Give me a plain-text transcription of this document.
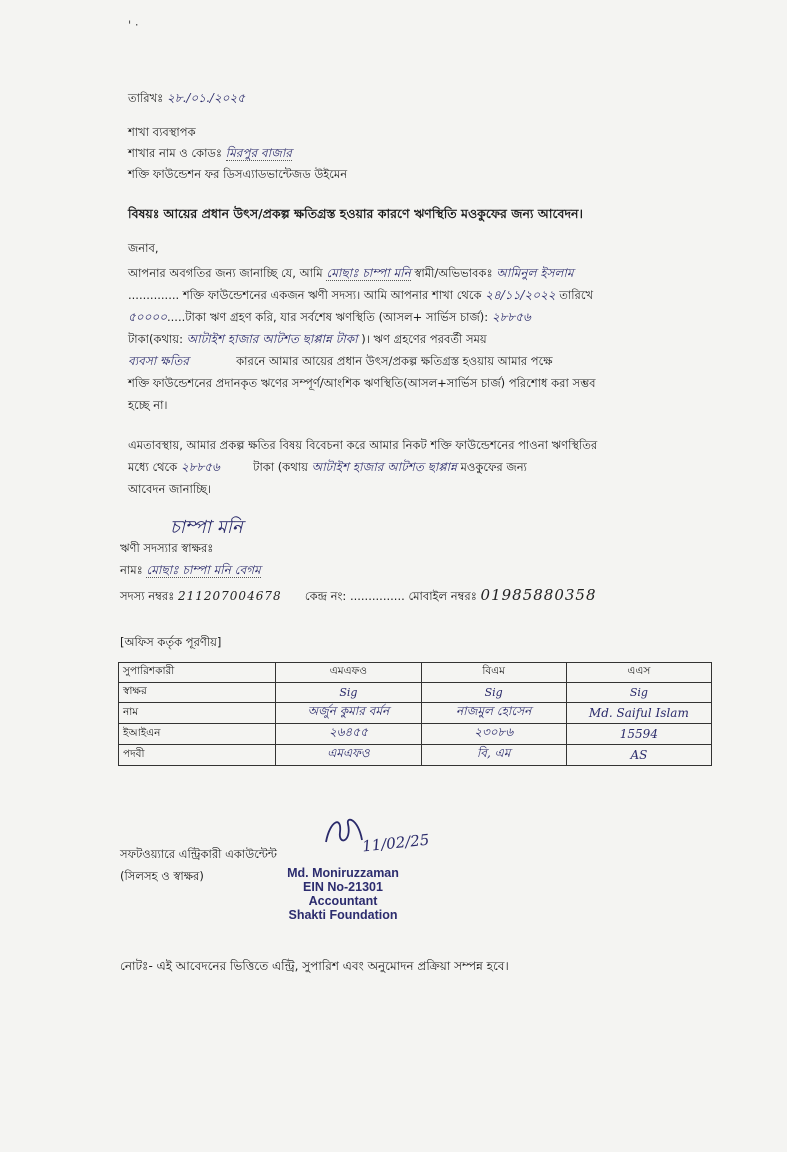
' ·
তারিখঃ ২৮./০১./২০২৫
শাখা ব্যবস্থাপক
শাখার নাম ও কোডঃ মিরপুর বাজার
শক্তি ফাউন্ডেশন ফর ডিসএ্যাডভান্টেজড উইমেন
বিষয়ঃ আয়ের প্রধান উৎস/প্রকল্প ক্ষতিগ্রস্ত হওয়ার কারণে ঋণস্থিতি মওকুফের জন্য আবেদন।
জনাব,
আপনার অবগতির জন্য জানাচ্ছি যে, আমি মোছাঃ চাম্পা মনি স্বামী/অভিভাবকঃ আমিনুল ইসলাম
.............. শক্তি ফাউন্ডেশনের একজন ঋণী সদস্য। আমি আপনার শাখা থেকে ২৪/১১/২০২২ তারিখে
৫০০০০.....টাকা ঋণ গ্রহণ করি, যার সর্বশেষ ঋণস্থিতি (আসল+ সার্ভিস চার্জ): ২৮৮৫৬
টাকা(কথায়: আটাইশ হাজার আটশত ছাপ্পান্ন টাকা )। ঋণ গ্রহণের পরবর্তী সময়
ব্যবসা ক্ষতির	কারনে আমার আয়ের প্রধান উৎস/প্রকল্প ক্ষতিগ্রস্ত হওয়ায় আমার পক্ষে
শক্তি ফাউন্ডেশনের প্রদানকৃত ঋণের সম্পূর্ণ/আংশিক ঋণস্থিতি(আসল+সার্ভিস চার্জ) পরিশোধ করা সম্ভব
হচ্ছে না।
এমতাবস্থায়, আমার প্রকল্প ক্ষতির বিষয় বিবেচনা করে আমার নিকট শক্তি ফাউন্ডেশনের পাওনা ঋণস্থিতির
মধ্যে থেকে ২৮৮৫৬	টাকা (কথায় আটাইশ হাজার আটশত ছাপ্পান্ন মওকুফের জন্য
আবেদন জানাচ্ছি।
চাম্পা মনি
ঋণী সদস্যার স্বাক্ষরঃ
নামঃ মোছাঃ চাম্পা মনি বেগম
সদস্য নম্বরঃ 211207004678 কেন্দ্র নং: ............... মোবাইল নম্বরঃ 01985880358
[অফিস কর্তৃক পূরণীয়]
সুপারিশকারী	এমএফও	বিএম	এএস
স্বাক্ষর	Sig	Sig	Sig
নাম	অর্জুন কুমার বর্মন	নাজমুল হোসেন	Md. Saiful Islam
ইআইএন	২৬৪৫৫	২৩০৮৬	15594
পদবী	এমএফও	বি, এম	AS
সফটওয়্যারে এন্ট্রিকারী একাউন্টেন্ট
(সিলসহ ও স্বাক্ষর)
11/02/25
Md. Moniruzzaman
EIN No-21301
Accountant
Shakti Foundation
নোটঃ- এই আবেদনের ভিত্তিতে এন্ট্রি, সুপারিশ এবং অনুমোদন প্রক্রিয়া সম্পন্ন হবে।
